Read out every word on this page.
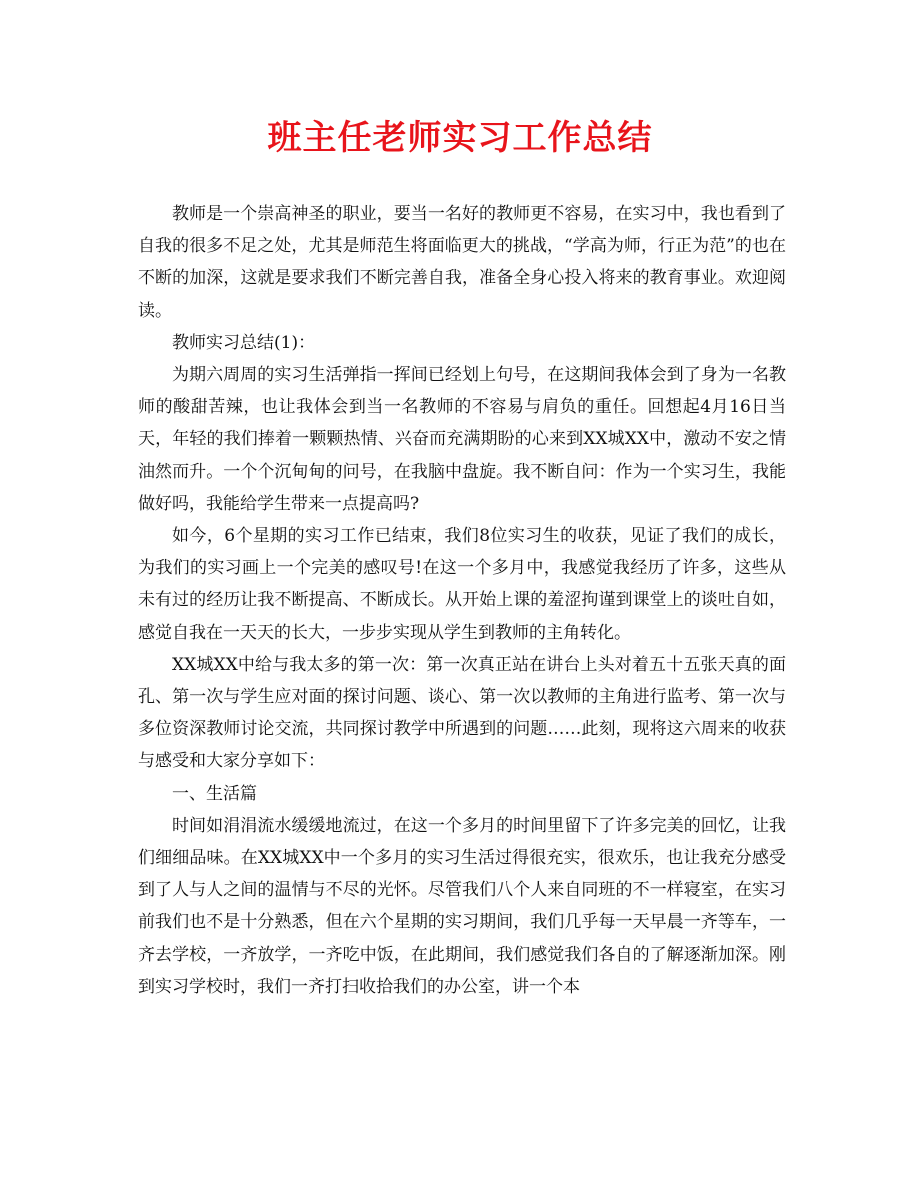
班主任老师实习工作总结

教师是一个崇高神圣的职业，要当一名好的教师更不容易，在实习中，我也看到了自我的很多不足之处，尤其是师范生将面临更大的挑战，“学高为师，行正为范”的也在不断的加深，这就是要求我们不断完善自我，准备全身心投入将来的教育事业。欢迎阅读。

教师实习总结(1)：

为期六周周的实习生活弹指一挥间已经划上句号，在这期间我体会到了身为一名教师的酸甜苦辣，也让我体会到当一名教师的不容易与肩负的重任。回想起4月16日当天，年轻的我们捧着一颗颗热情、兴奋而充满期盼的心来到XX城XX中，激动不安之情油然而升。一个个沉甸甸的问号，在我脑中盘旋。我不断自问：作为一个实习生，我能做好吗，我能给学生带来一点提高吗?

如今，6个星期的实习工作已结束，我们8位实习生的收获，见证了我们的成长，为我们的实习画上一个完美的感叹号!在这一个多月中，我感觉我经历了许多，这些从未有过的经历让我不断提高、不断成长。从开始上课的羞涩拘谨到课堂上的谈吐自如，感觉自我在一天天的长大，一步步实现从学生到教师的主角转化。

XX城XX中给与我太多的第一次：第一次真正站在讲台上头对着五十五张天真的面孔、第一次与学生应对面的探讨问题、谈心、第一次以教师的主角进行监考、第一次与多位资深教师讨论交流，共同探讨教学中所遇到的问题……此刻，现将这六周来的收获与感受和大家分享如下：

一、生活篇

时间如涓涓流水缓缓地流过，在这一个多月的时间里留下了许多完美的回忆，让我们细细品味。在XX城XX中一个多月的实习生活过得很充实，很欢乐，也让我充分感受到了人与人之间的温情与不尽的光怀。尽管我们八个人来自同班的不一样寝室，在实习前我们也不是十分熟悉，但在六个星期的实习期间，我们几乎每一天早晨一齐等车，一齐去学校，一齐放学，一齐吃中饭，在此期间，我们感觉我们各自的了解逐渐加深。刚到实习学校时，我们一齐打扫收拾我们的办公室，讲一个本
